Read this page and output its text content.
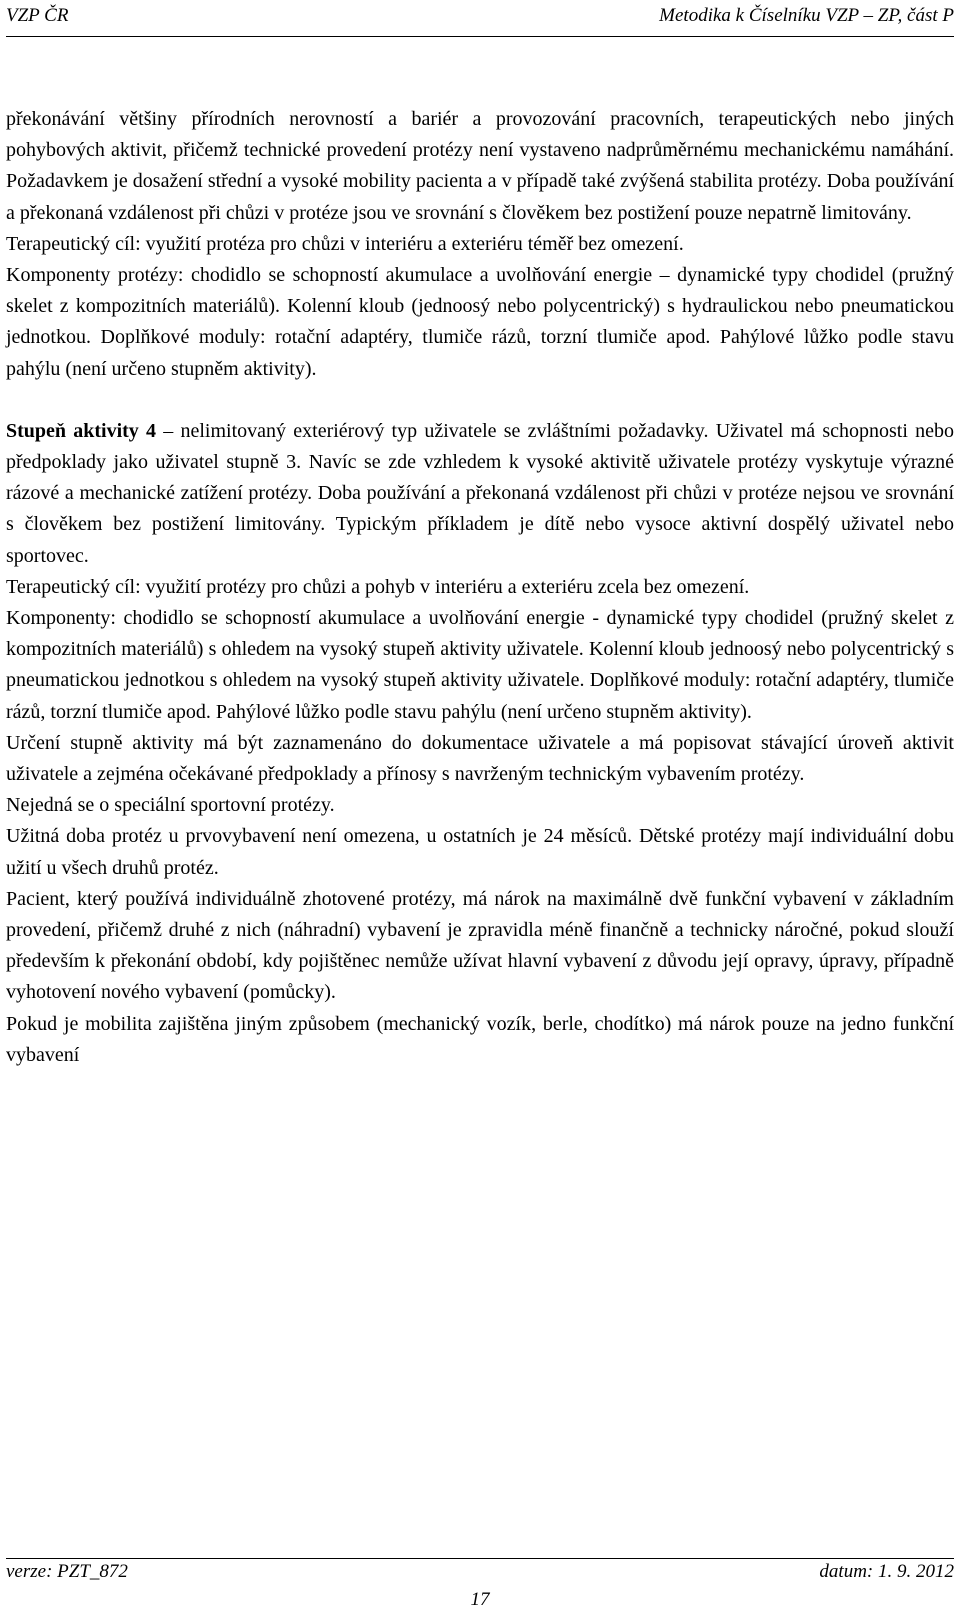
VZP ČR	Metodika k Číselníku VZP – ZP, část P

překonávání většiny přírodních nerovností a bariér a provozování pracovních, terapeutických nebo jiných pohybových aktivit, přičemž technické provedení protézy není vystaveno nadprůměrnému mechanickému namáhání. Požadavkem je dosažení střední a vysoké mobility pacienta a v případě také zvýšená stabilita protézy. Doba používání a překonaná vzdálenost při chůzi v protéze jsou ve srovnání s člověkem bez postižení pouze nepatrně limitovány.

Terapeutický cíl: využití protéza pro chůzi v interiéru a exteriéru téměř bez omezení.

Komponenty protézy: chodidlo se schopností akumulace a uvolňování energie – dynamické typy chodidel (pružný skelet z kompozitních materiálů). Kolenní kloub (jednoosý nebo polycentrický) s hydraulickou nebo pneumatickou jednotkou. Doplňkové moduly: rotační adaptéry, tlumiče rázů, torzní tlumiče apod. Pahýlové lůžko podle stavu pahýlu (není určeno stupněm aktivity).

Stupeň aktivity 4 – nelimitovaný exteriérový typ uživatele se zvláštními požadavky. Uživatel má schopnosti nebo předpoklady jako uživatel stupně 3. Navíc se zde vzhledem k vysoké aktivitě uživatele protézy vyskytuje výrazné rázové a mechanické zatížení protézy. Doba používání a překonaná vzdálenost při chůzi v protéze nejsou ve srovnání s člověkem bez postižení limitovány. Typickým příkladem je dítě nebo vysoce aktivní dospělý uživatel nebo sportovec.

Terapeutický cíl: využití protézy pro chůzi a pohyb v interiéru a exteriéru zcela bez omezení.

Komponenty: chodidlo se schopností akumulace a uvolňování energie - dynamické typy chodidel (pružný skelet z kompozitních materiálů) s ohledem na vysoký stupeň aktivity uživatele. Kolenní kloub jednoosý nebo polycentrický s pneumatickou jednotkou s ohledem na vysoký stupeň aktivity uživatele. Doplňkové moduly: rotační adaptéry, tlumiče rázů, torzní tlumiče apod. Pahýlové lůžko podle stavu pahýlu (není určeno stupněm aktivity).

Určení stupně aktivity má být zaznamenáno do dokumentace uživatele a má popisovat stávající úroveň aktivit uživatele a zejména očekávané předpoklady a přínosy s navrženým technickým vybavením protézy.

Nejedná se o speciální sportovní protézy.

Užitná doba protéz u prvovybavení není omezena, u ostatních je 24 měsíců. Dětské protézy mají individuální dobu užití u všech druhů protéz.

Pacient, který používá individuálně zhotovené protézy, má nárok na maximálně dvě funkční vybavení v základním provedení, přičemž druhé z nich (náhradní) vybavení je zpravidla méně finančně a technicky náročné, pokud slouží především k překonání období, kdy pojištěnec nemůže užívat hlavní vybavení z důvodu její opravy, úpravy, případně vyhotovení nového vybavení (pomůcky).

Pokud je mobilita zajištěna jiným způsobem (mechanický vozík, berle, chodítko) má nárok pouze na jedno funkční vybavení

verze: PZT_872	datum: 1. 9. 2012
17
